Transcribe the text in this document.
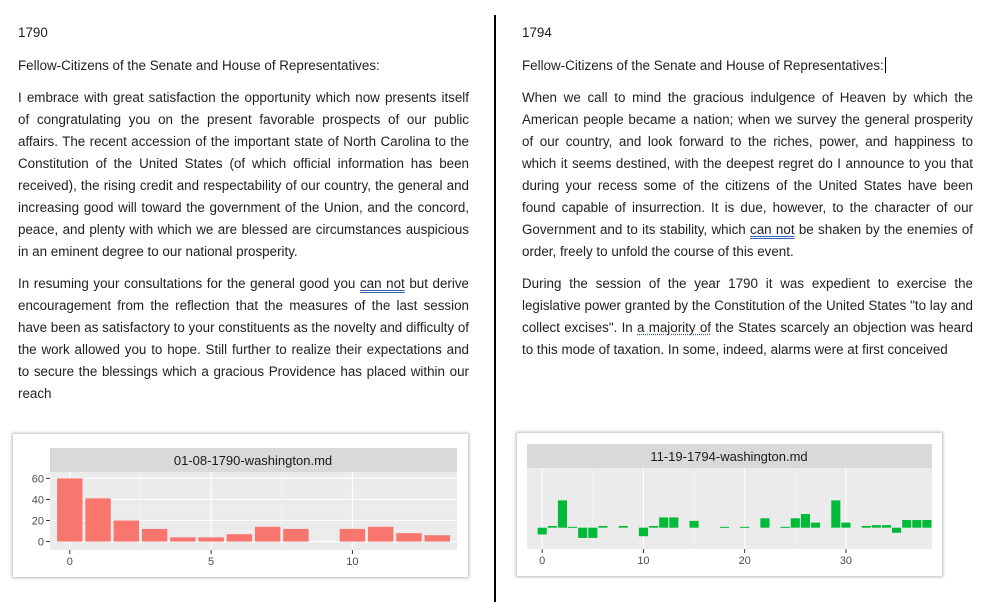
1790

Fellow-Citizens of the Senate and House of Representatives:

I embrace with great satisfaction the opportunity which now presents itself of congratulating you on the present favorable prospects of our public affairs. The recent accession of the important state of North Carolina to the Constitution of the United States (of which official information has been received), the rising credit and respectability of our country, the general and increasing good will toward the government of the Union, and the concord, peace, and plenty with which we are blessed are circumstances auspicious in an eminent degree to our national prosperity.

In resuming your consultations for the general good you can not but derive encouragement from the reflection that the measures of the last session have been as satisfactory to your constituents as the novelty and difficulty of the work allowed you to hope. Still further to realize their expectations and to secure the blessings which a gracious Providence has placed within our reach

1794

Fellow-Citizens of the Senate and House of Representatives:

When we call to mind the gracious indulgence of Heaven by which the American people became a nation; when we survey the general prosperity of our country, and look forward to the riches, power, and happiness to which it seems destined, with the deepest regret do I announce to you that during your recess some of the citizens of the United States have been found capable of insurrection. It is due, however, to the character of our Government and to its stability, which can not be shaken by the enemies of order, freely to unfold the course of this event.

During the session of the year 1790 it was expedient to exercise the legislative power granted by the Constitution of the United States "to lay and collect excises". In a majority of the States scarcely an objection was heard to this mode of taxation. In some, indeed, alarms were at first conceived

01-08-1790-washington.md
0	5	10
0
20
40
60
11-19-1794-washington.md
0	10	20	30
